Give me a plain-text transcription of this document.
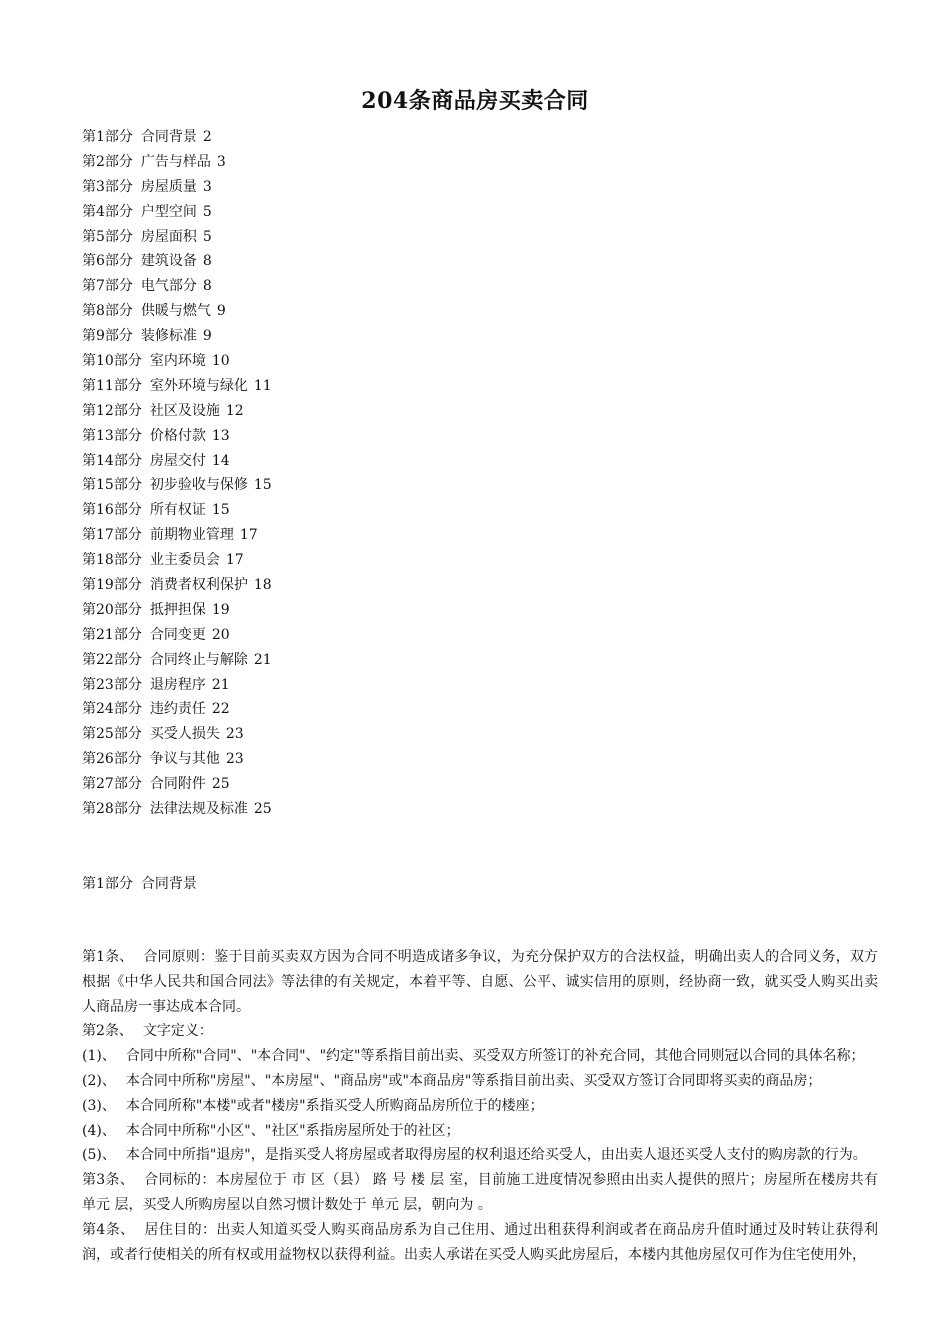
204条商品房买卖合同
第1部分 合同背景 2
第2部分 广告与样品 3
第3部分 房屋质量 3
第4部分 户型空间 5
第5部分 房屋面积 5
第6部分 建筑设备 8
第7部分 电气部分 8
第8部分 供暖与燃气 9
第9部分 装修标准 9
第10部分 室内环境 10
第11部分 室外环境与绿化 11
第12部分 社区及设施 12
第13部分 价格付款 13
第14部分 房屋交付 14
第15部分 初步验收与保修 15
第16部分 所有权证 15
第17部分 前期物业管理 17
第18部分 业主委员会 17
第19部分 消费者权利保护 18
第20部分 抵押担保 19
第21部分 合同变更 20
第22部分 合同终止与解除 21
第23部分 退房程序 21
第24部分 违约责任 22
第25部分 买受人损失 23
第26部分 争议与其他 23
第27部分 合同附件 25
第28部分 法律法规及标准 25
第1部分 合同背景

第1条、 合同原则：鉴于目前买卖双方因为合同不明造成诸多争议，为充分保护双方的合法权益，明确出卖人的合同义务，双方根据《中华人民共和国合同法》等法律的有关规定，本着平等、自愿、公平、诚实信用的原则，经协商一致，就买受人购买出卖人商品房一事达成本合同。

第2条、 文字定义：

(1)、 合同中所称"合同"、"本合同"、"约定"等系指目前出卖、买受双方所签订的补充合同，其他合同则冠以合同的具体名称；

(2)、 本合同中所称"房屋"、"本房屋"、"商品房"或"本商品房"等系指目前出卖、买受双方签订合同即将买卖的商品房；

(3)、 本合同所称"本楼"或者"楼房"系指买受人所购商品房所位于的楼座；

(4)、 本合同中所称"小区"、"社区"系指房屋所处于的社区；

(5)、 本合同中所指"退房"，是指买受人将房屋或者取得房屋的权利退还给买受人，由出卖人退还买受人支付的购房款的行为。

第3条、 合同标的：本房屋位于 市 区（县） 路 号 楼 层 室，目前施工进度情况参照由出卖人提供的照片；房屋所在楼房共有 单元 层，买受人所购房屋以自然习惯计数处于 单元 层，朝向为 。

第4条、 居住目的：出卖人知道买受人购买商品房系为自己住用、通过出租获得利润或者在商品房升值时通过及时转让获得利润，或者行使相关的所有权或用益物权以获得利益。出卖人承诺在买受人购买此房屋后，本楼内其他房屋仅可作为住宅使用外，
